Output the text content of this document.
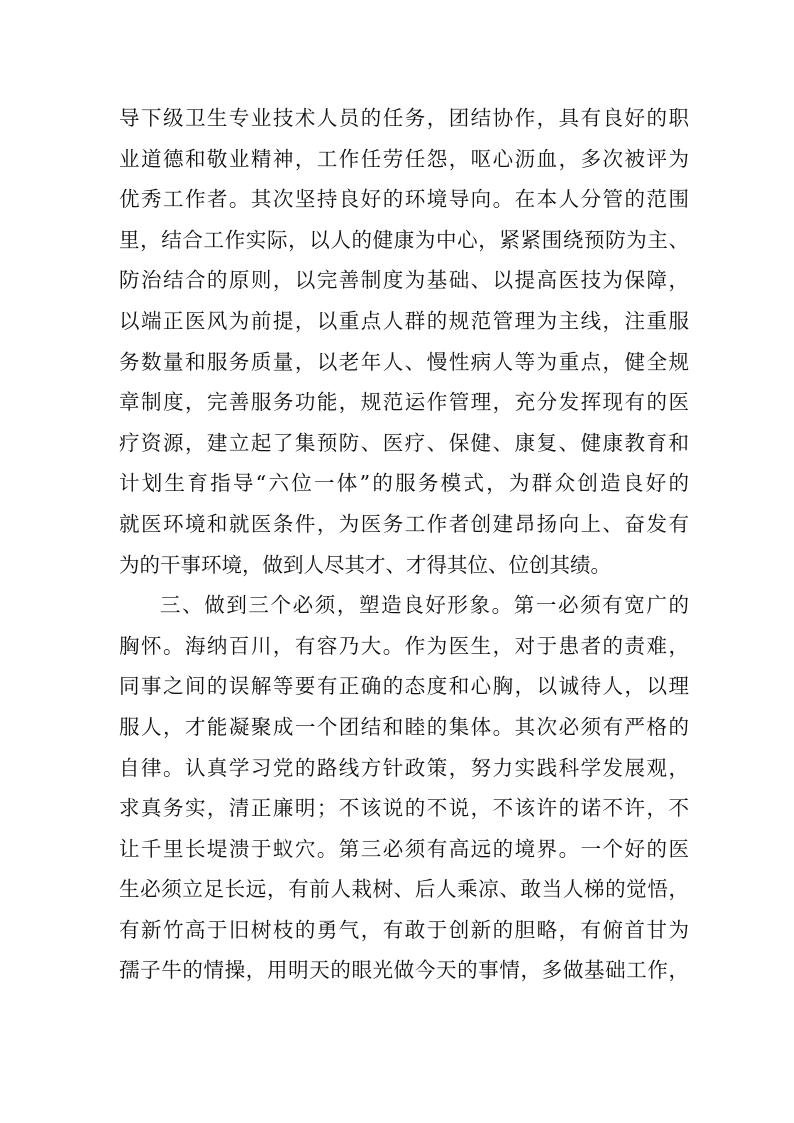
导下级卫生专业技术人员的任务，团结协作，具有良好的职
业道德和敬业精神，工作任劳任怨，呕心沥血，多次被评为
优秀工作者。其次坚持良好的环境导向。在本人分管的范围
里，结合工作实际，以人的健康为中心，紧紧围绕预防为主、
防治结合的原则，以完善制度为基础、以提高医技为保障，
以端正医风为前提，以重点人群的规范管理为主线，注重服
务数量和服务质量，以老年人、慢性病人等为重点，健全规
章制度，完善服务功能，规范运作管理，充分发挥现有的医
疗资源，建立起了集预防、医疗、保健、康复、健康教育和
计划生育指导“六位一体”的服务模式，为群众创造良好的
就医环境和就医条件，为医务工作者创建昂扬向上、奋发有
为的干事环境，做到人尽其才、才得其位、位创其绩。
三、做到三个必须，塑造良好形象。第一必须有宽广的
胸怀。海纳百川，有容乃大。作为医生，对于患者的责难，
同事之间的误解等要有正确的态度和心胸，以诚待人，以理
服人，才能凝聚成一个团结和睦的集体。其次必须有严格的
自律。认真学习党的路线方针政策，努力实践科学发展观，
求真务实，清正廉明；不该说的不说，不该许的诺不许，不
让千里长堤溃于蚁穴。第三必须有高远的境界。一个好的医
生必须立足长远，有前人栽树、后人乘凉、敢当人梯的觉悟，
有新竹高于旧树枝的勇气，有敢于创新的胆略，有俯首甘为
孺子牛的情操，用明天的眼光做今天的事情，多做基础工作，
